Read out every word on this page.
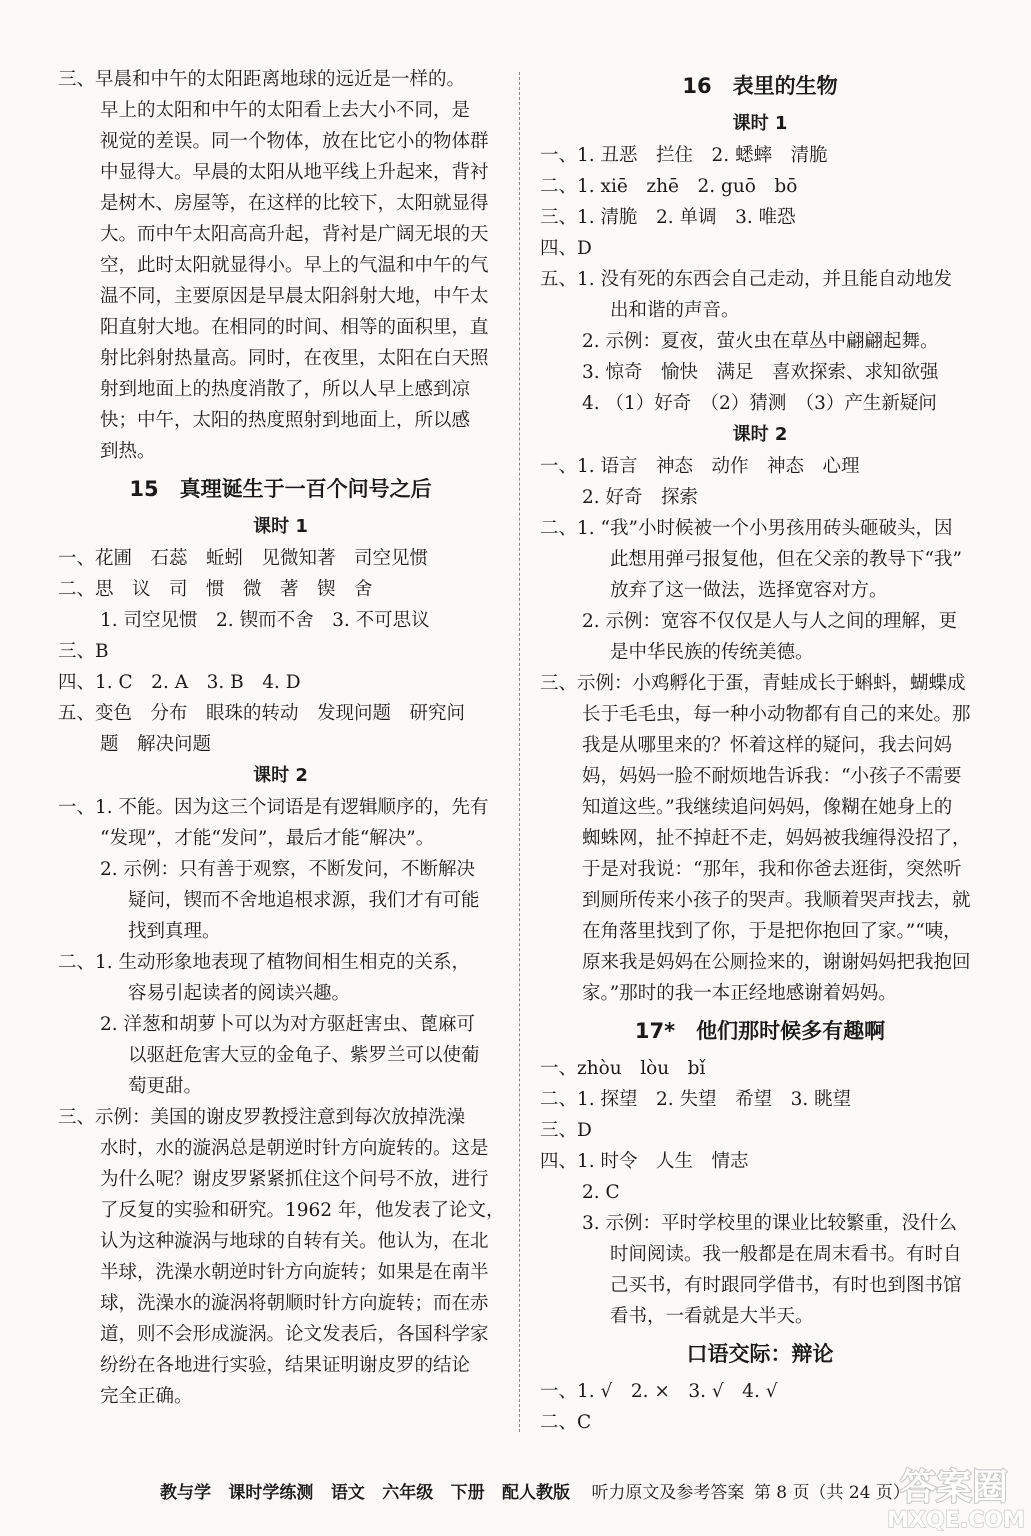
三、早晨和中午的太阳距离地球的远近是一样的。
早上的太阳和中午的太阳看上去大小不同，是
视觉的差误。同一个物体，放在比它小的物体群
中显得大。早晨的太阳从地平线上升起来，背衬
是树木、房屋等，在这样的比较下，太阳就显得
大。而中午太阳高高升起，背衬是广阔无垠的天
空，此时太阳就显得小。早上的气温和中午的气
温不同，主要原因是早晨太阳斜射大地，中午太
阳直射大地。在相同的时间、相等的面积里，直
射比斜射热量高。同时，在夜里，太阳在白天照
射到地面上的热度消散了，所以人早上感到凉
快；中午，太阳的热度照射到地面上，所以感
到热。
15　真理诞生于一百个问号之后
课时 1
一、花圃　石蕊　蚯蚓　见微知著　司空见惯
二、思　议　司　惯　微　著　锲　舍
1. 司空见惯　2. 锲而不舍　3. 不可思议
三、B
四、1. C　2. A　3. B　4. D
五、变色　分布　眼珠的转动　发现问题　研究问
题　解决问题
课时 2
一、1. 不能。因为这三个词语是有逻辑顺序的，先有
“发现”，才能“发问”，最后才能“解决”。
2. 示例：只有善于观察，不断发问，不断解决
疑问，锲而不舍地追根求源，我们才有可能
找到真理。
二、1. 生动形象地表现了植物间相生相克的关系，
容易引起读者的阅读兴趣。
2. 洋葱和胡萝卜可以为对方驱赶害虫、蓖麻可
以驱赶危害大豆的金龟子、紫罗兰可以使葡
萄更甜。
三、示例：美国的谢皮罗教授注意到每次放掉洗澡
水时，水的漩涡总是朝逆时针方向旋转的。这是
为什么呢？谢皮罗紧紧抓住这个问号不放，进行
了反复的实验和研究。1962 年，他发表了论文，
认为这种漩涡与地球的自转有关。他认为，在北
半球，洗澡水朝逆时针方向旋转；如果是在南半
球，洗澡水的漩涡将朝顺时针方向旋转；而在赤
道，则不会形成漩涡。论文发表后，各国科学家
纷纷在各地进行实验，结果证明谢皮罗的结论
完全正确。
16　表里的生物
课时 1
一、1. 丑恶　拦住　2. 蟋蟀　清脆
二、1. xiē　zhē　2. guō　bō
三、1. 清脆　2. 单调　3. 唯恐
四、D
五、1. 没有死的东西会自己走动，并且能自动地发
出和谐的声音。
2. 示例：夏夜，萤火虫在草丛中翩翩起舞。
3. 惊奇　愉快　满足　喜欢探索、求知欲强
4. （1）好奇　（2）猜测　（3）产生新疑问
课时 2
一、1. 语言　神态　动作　神态　心理
2. 好奇　探索
二、1. “我”小时候被一个小男孩用砖头砸破头，因
此想用弹弓报复他，但在父亲的教导下“我”
放弃了这一做法，选择宽容对方。
2. 示例：宽容不仅仅是人与人之间的理解，更
是中华民族的传统美德。
三、示例：小鸡孵化于蛋，青蛙成长于蝌蚪，蝴蝶成
长于毛毛虫，每一种小动物都有自己的来处。那
我是从哪里来的？怀着这样的疑问，我去问妈
妈，妈妈一脸不耐烦地告诉我：“小孩子不需要
知道这些。”我继续追问妈妈，像糊在她身上的
蜘蛛网，扯不掉赶不走，妈妈被我缠得没招了，
于是对我说：“那年，我和你爸去逛街，突然听
到厕所传来小孩子的哭声。我顺着哭声找去，就
在角落里找到了你，于是把你抱回了家。”“咦，
原来我是妈妈在公厕捡来的，谢谢妈妈把我抱回
家。”那时的我一本正经地感谢着妈妈。
17*　他们那时候多有趣啊
一、zhòu　lòu　bǐ
二、1. 探望　2. 失望　希望　3. 眺望
三、D
四、1. 时令　人生　情志
2. C
3. 示例：平时学校里的课业比较繁重，没什么
时间阅读。我一般都是在周末看书。有时自
己买书，有时跟同学借书，有时也到图书馆
看书，一看就是大半天。
口语交际：辩论
一、1. √　2. ×　3. √　4. √
二、C
教与学 课时学练测 语文 六年级 下册 配人教版 听力原文及参考答案 第 8 页（共 24 页）
答案圈
MXQE.COM
